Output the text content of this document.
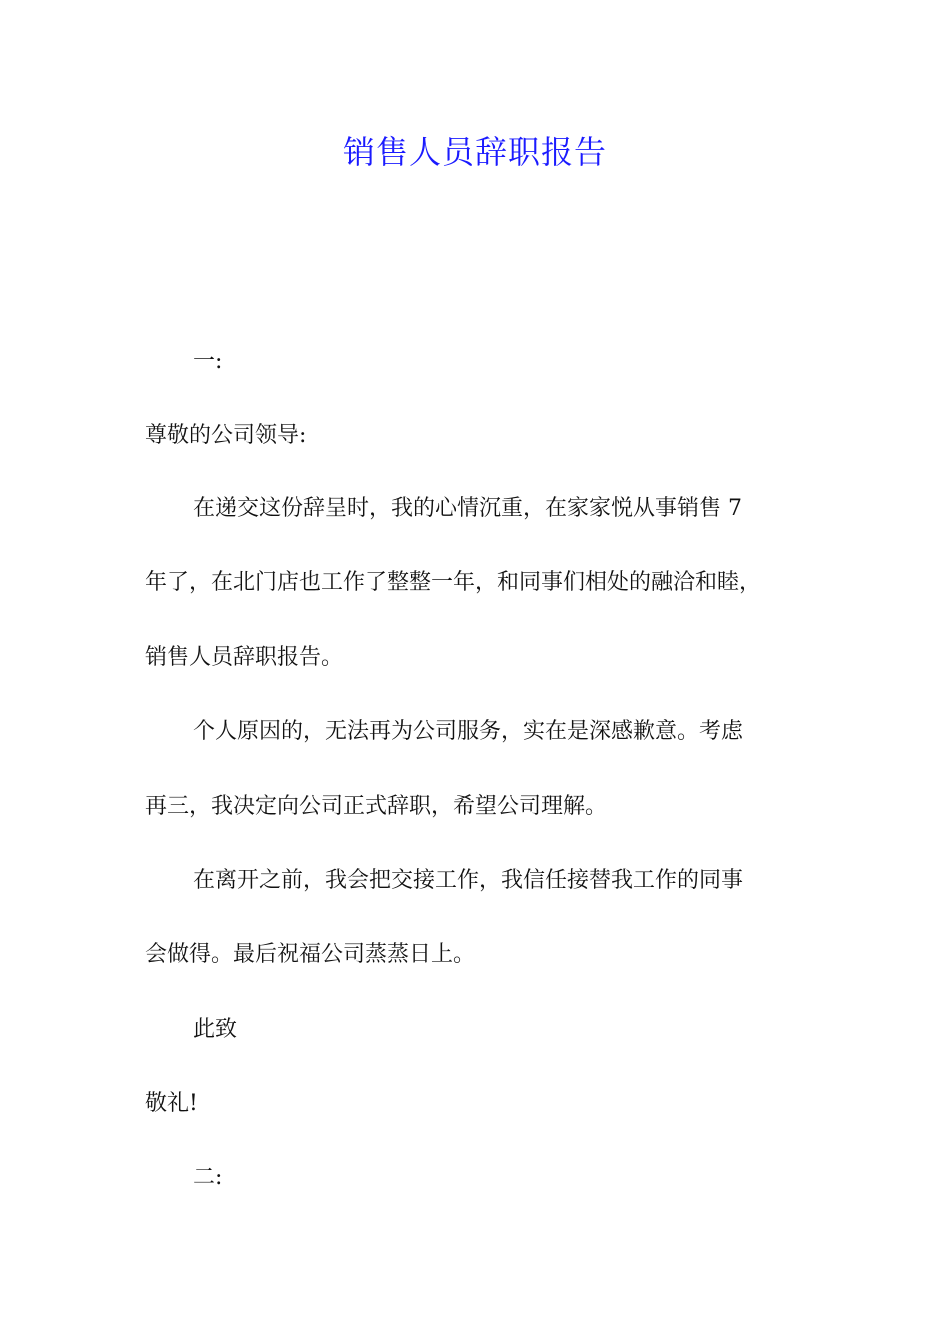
销售人员辞职报告
一:
尊敬的公司领导:
在递交这份辞呈时，我的心情沉重，在家家悦从事销售 7
年了，在北门店也工作了整整一年，和同事们相处的融洽和睦，
销售人员辞职报告。
个人原因的，无法再为公司服务，实在是深感歉意。考虑
再三，我决定向公司正式辞职，希望公司理解。
在离开之前，我会把交接工作，我信任接替我工作的同事
会做得。最后祝福公司蒸蒸日上。
此致
敬礼!
二:
